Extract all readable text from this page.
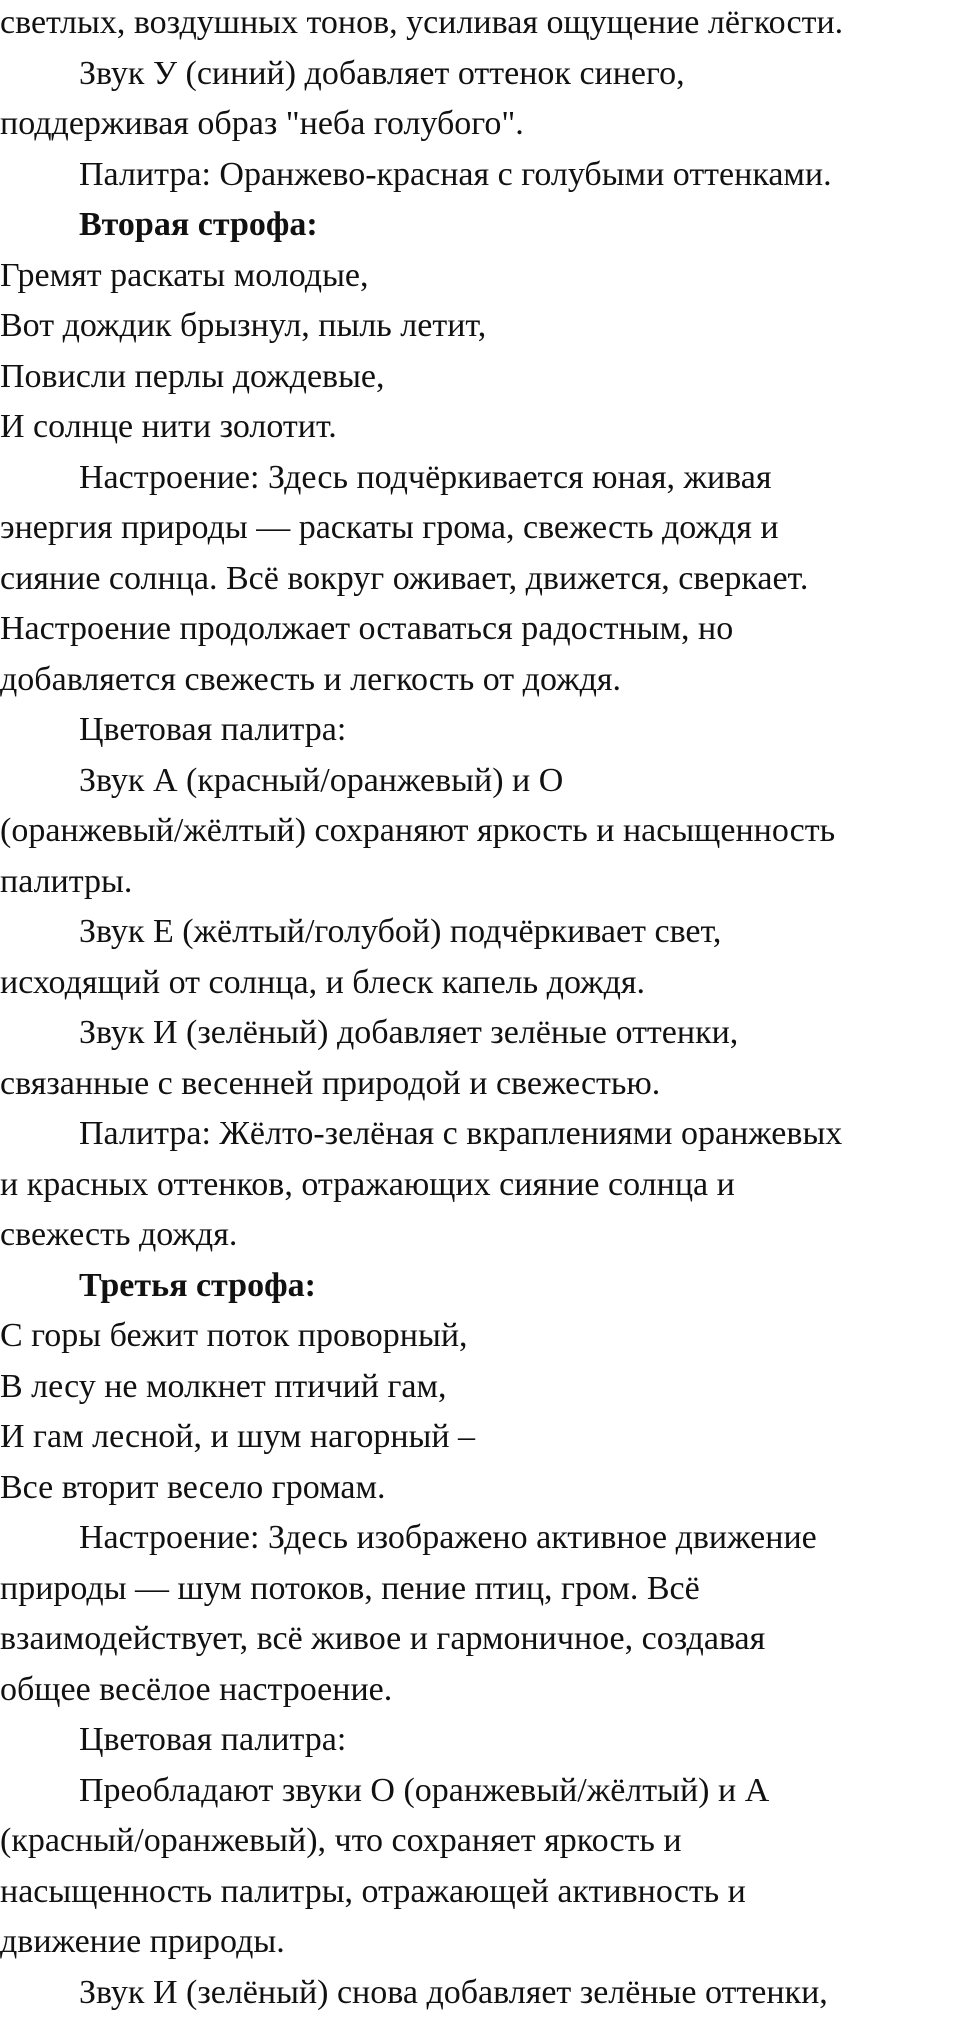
светлых, воздушных тонов, усиливая ощущение лёгкости.
Звук У (синий) добавляет оттенок синего,
поддерживая образ "неба голубого".
Палитра: Оранжево-красная с голубыми оттенками.
Вторая строфа:
Гремят раскаты молодые,
Вот дождик брызнул, пыль летит,
Повисли перлы дождевые,
И солнце нити золотит.
Настроение: Здесь подчёркивается юная, живая
энергия природы — раскаты грома, свежесть дождя и
сияние солнца. Всё вокруг оживает, движется, сверкает.
Настроение продолжает оставаться радостным, но
добавляется свежесть и легкость от дождя.
Цветовая палитра:
Звук А (красный/оранжевый) и О
(оранжевый/жёлтый) сохраняют яркость и насыщенность
палитры.
Звук Е (жёлтый/голубой) подчёркивает свет,
исходящий от солнца, и блеск капель дождя.
Звук И (зелёный) добавляет зелёные оттенки,
связанные с весенней природой и свежестью.
Палитра: Жёлто-зелёная с вкраплениями оранжевых
и красных оттенков, отражающих сияние солнца и
свежесть дождя.
Третья строфа:
С горы бежит поток проворный,
В лесу не молкнет птичий гам,
И гам лесной, и шум нагорный –
Все вторит весело громам.
Настроение: Здесь изображено активное движение
природы — шум потоков, пение птиц, гром. Всё
взаимодействует, всё живое и гармоничное, создавая
общее весёлое настроение.
Цветовая палитра:
Преобладают звуки О (оранжевый/жёлтый) и А
(красный/оранжевый), что сохраняет яркость и
насыщенность палитры, отражающей активность и
движение природы.
Звук И (зелёный) снова добавляет зелёные оттенки,
